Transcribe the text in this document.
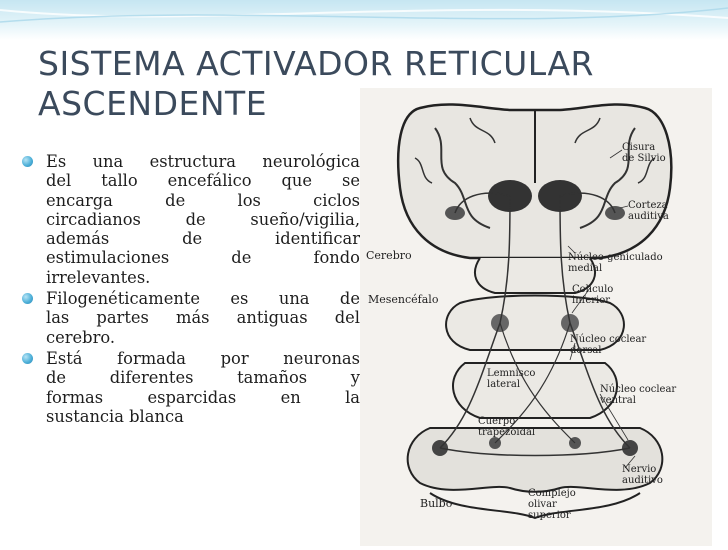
SISTEMA ACTIVADOR RETICULAR
ASCENDENTE
Es una estructura neurológica
del tallo encefálico que se
encarga de los ciclos
circadianos de sueño/vigilia,
además de identificar
estimulaciones de fondo
irrelevantes.
Filogenéticamente es una de
las partes más antiguas del
cerebro.
Está formada por neuronas
de diferentes tamaños y
formas esparcidas en la
sustancia blanca
Cisura
de Silvio
Corteza
auditiva
Cerebro	Núcleo geniculado
medial
Mesencéfalo
Colículo
inferior
Núcleo coclear
dorsal
Lemnisco
lateral	Núcleo coclear
ventral
Cuerpo
trapezoidal
Nervio
auditivo
Bulbo
Complejo
olivar
superior
